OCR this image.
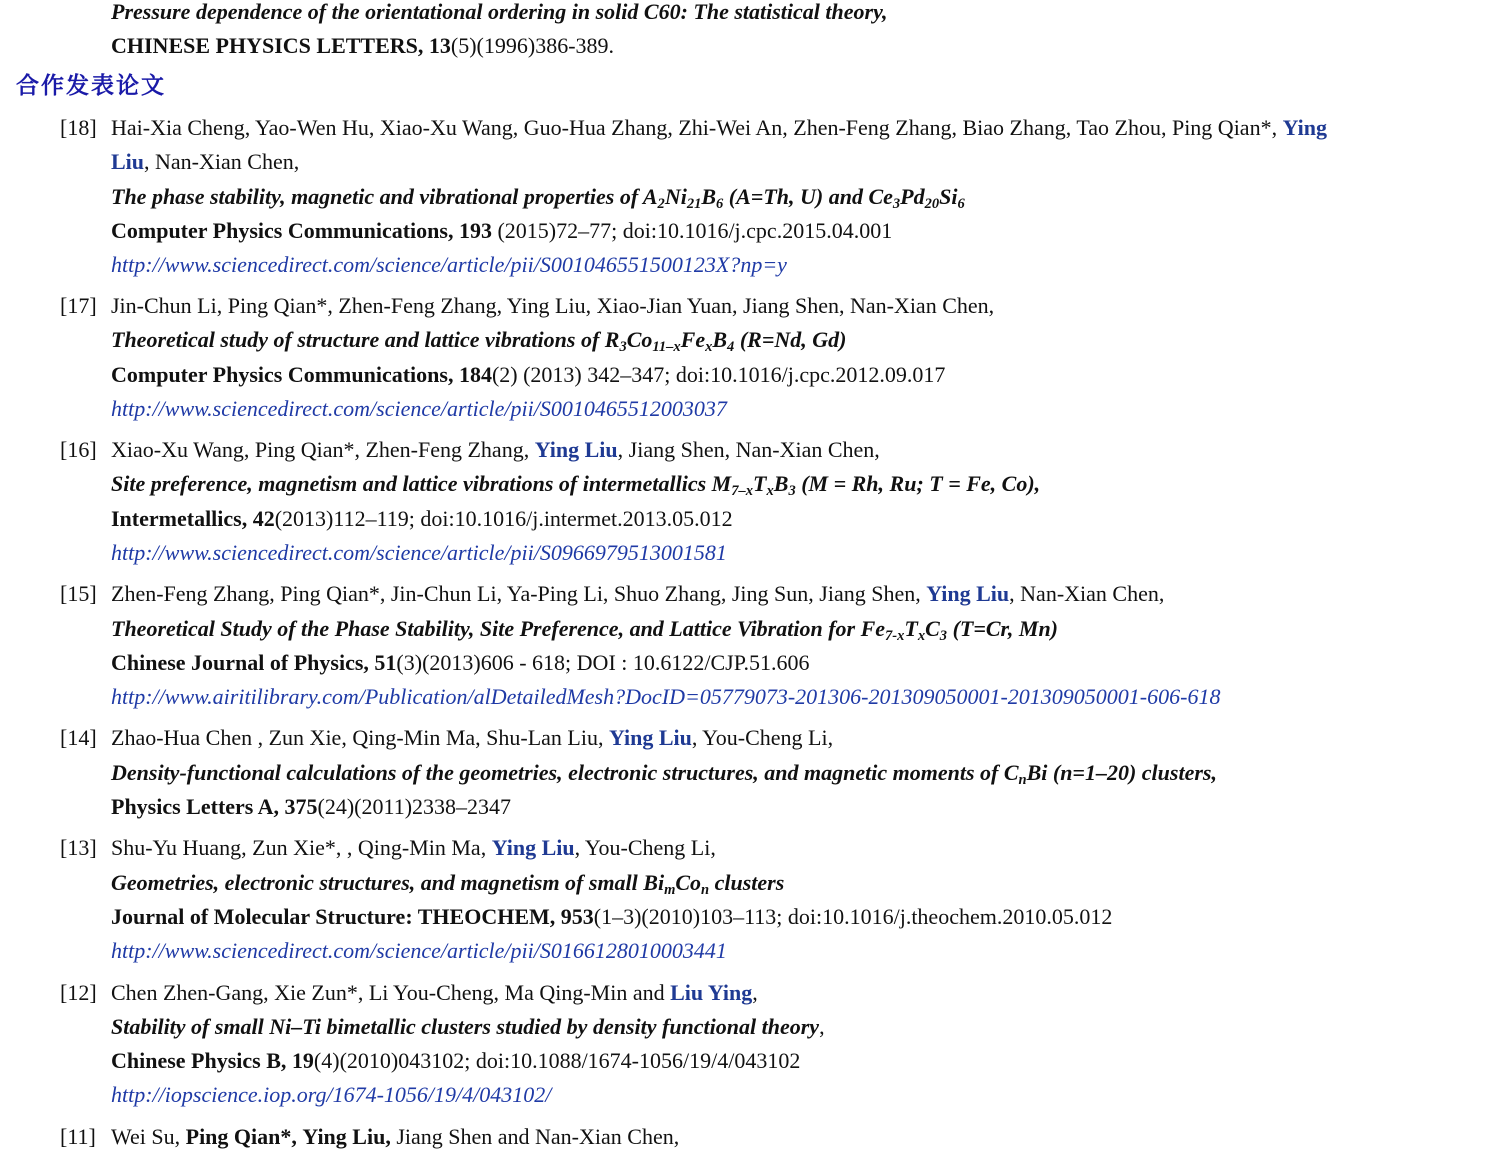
Pressure dependence of the orientational ordering in solid C60: The statistical theory,
CHINESE PHYSICS LETTERS, 13(5)(1996)386-389.
合作发表论文
[18] Hai-Xia Cheng, Yao-Wen Hu, Xiao-Xu Wang, Guo-Hua Zhang, Zhi-Wei An, Zhen-Feng Zhang, Biao Zhang, Tao Zhou, Ping Qian*, Ying
Liu, Nan-Xian Chen,
The phase stability, magnetic and vibrational properties of $A_2Ni_{21}B_6$ (A=Th, U) and $Ce_3Pd_{20}Si_6$
Computer Physics Communications, 193 (2015)72–77; doi:10.1016/j.cpc.2015.04.001
http://www.sciencedirect.com/science/article/pii/S001046551500123X?np=y
[17] Jin-Chun Li, Ping Qian*, Zhen-Feng Zhang, Ying Liu, Xiao-Jian Yuan, Jiang Shen, Nan-Xian Chen,
Theoretical study of structure and lattice vibrations of $R_3Co_{11-x}Fe_xB_4$ (R=Nd, Gd)
Computer Physics Communications, 184(2) (2013) 342–347; doi:10.1016/j.cpc.2012.09.017
http://www.sciencedirect.com/science/article/pii/S0010465512003037
[16] Xiao-Xu Wang, Ping Qian*, Zhen-Feng Zhang, Ying Liu, Jiang Shen, Nan-Xian Chen,
Site preference, magnetism and lattice vibrations of intermetallics $M_{7-x}T_xB_3$ (M = Rh, Ru; T = Fe, Co),
Intermetallics, 42(2013)112–119; doi:10.1016/j.intermet.2013.05.012
http://www.sciencedirect.com/science/article/pii/S0966979513001581
[15] Zhen-Feng Zhang, Ping Qian*, Jin-Chun Li, Ya-Ping Li, Shuo Zhang, Jing Sun, Jiang Shen, Ying Liu, Nan-Xian Chen,
Theoretical Study of the Phase Stability, Site Preference, and Lattice Vibration for $Fe_{7-x}T_xC_3$ (T=Cr, Mn)
Chinese Journal of Physics, 51(3)(2013)606 - 618; DOI : 10.6122/CJP.51.606
http://www.airitilibrary.com/Publication/alDetailedMesh?DocID=05779073-201306-201309050001-201309050001-606-618
[14] Zhao-Hua Chen , Zun Xie, Qing-Min Ma, Shu-Lan Liu, Ying Liu, You-Cheng Li,
Density-functional calculations of the geometries, electronic structures, and magnetic moments of $C_nBi$ (n=1–20) clusters,
Physics Letters A, 375(24)(2011)2338–2347
[13] Shu-Yu Huang, Zun Xie*, , Qing-Min Ma, Ying Liu, You-Cheng Li,
Geometries, electronic structures, and magnetism of small $Bi_mCo_n$ clusters
Journal of Molecular Structure: THEOCHEM, 953(1–3)(2010)103–113; doi:10.1016/j.theochem.2010.05.012
http://www.sciencedirect.com/science/article/pii/S0166128010003441
[12] Chen Zhen-Gang, Xie Zun*, Li You-Cheng, Ma Qing-Min and Liu Ying,
Stability of small Ni–Ti bimetallic clusters studied by density functional theory,
Chinese Physics B, 19(4)(2010)043102; doi:10.1088/1674-1056/19/4/043102
http://iopscience.iop.org/1674-1056/19/4/043102/
[11] Wei Su, Ping Qian*, Ying Liu, Jiang Shen and Nan-Xian Chen,
